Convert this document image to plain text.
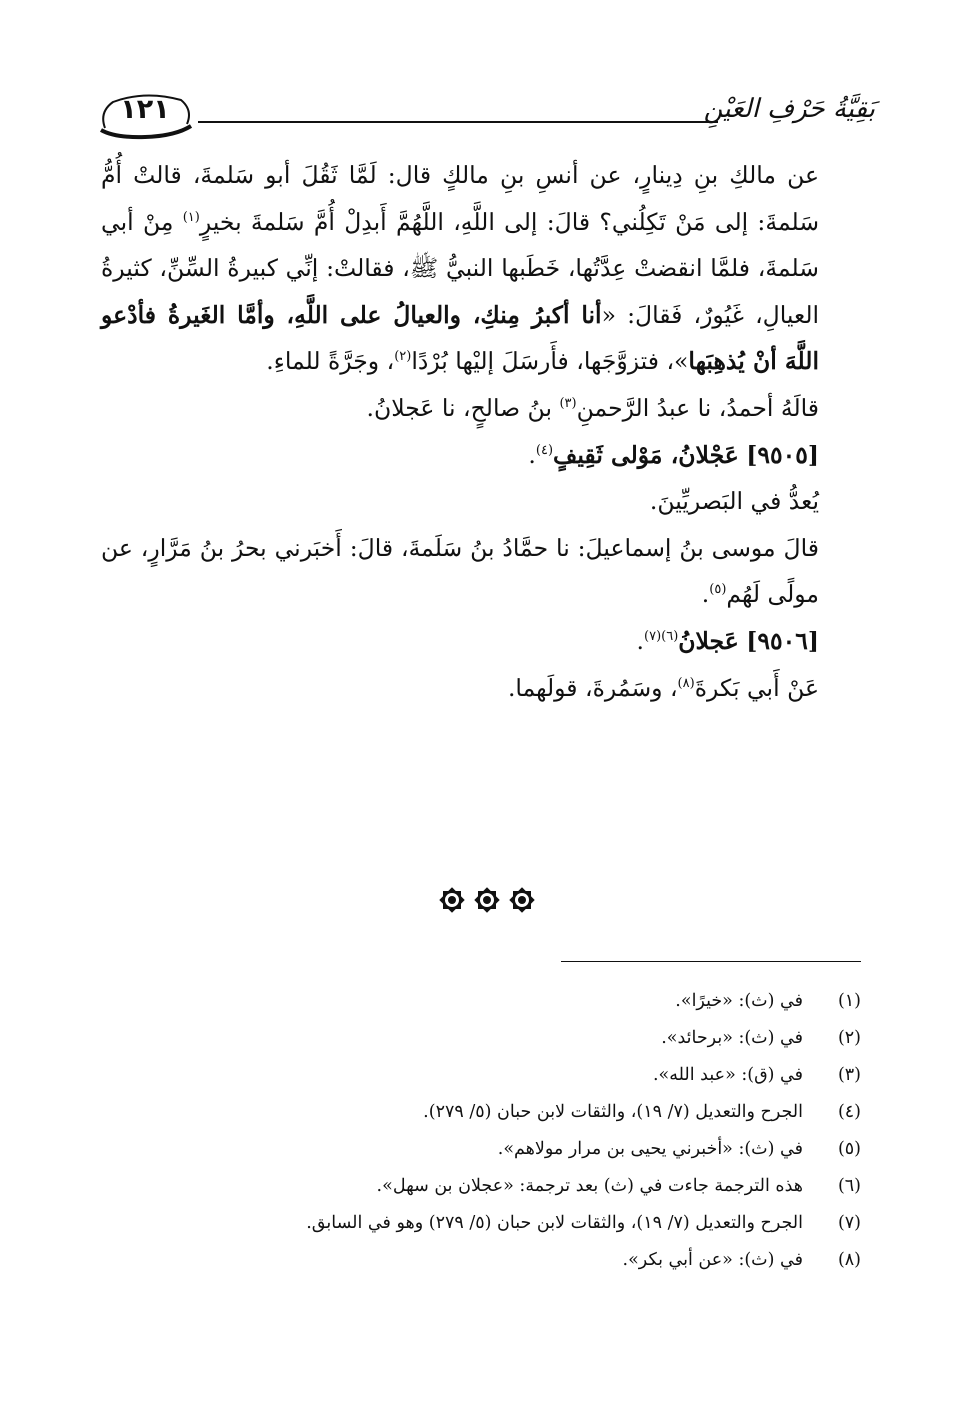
١٢١	بَقِيَّةُ حَرْفِ العَيْنِ

عن مالكِ بنِ دِينارٍ، عن أنسِ بنِ مالكٍ قال: لَمَّا ثَقُلَ أبو سَلمةَ، قالتْ أُمُّ سَلمةَ: إلى مَنْ تَكِلُني؟ قالَ: إلى اللَّهِ، اللَّهُمَّ أَبدِلْ أُمَّ سَلمةَ بخيرٍ$^{(١)}$ مِنْ أبي سَلمةَ، فلمَّا انقضتْ عِدَّتُها، خَطَبها النبيُّ ﷺ، فقالتْ: إنِّي كبيرةُ السِّنِّ، كثيرةُ العيالِ، غَيُورٌ، فَقالَ: «أنا أكبرُ مِنكِ، والعيالُ على اللَّهِ، وأمَّا الغَيرةُ فأدْعو اللَّهَ أنْ يُذهِبَها»، فتزوَّجَها، فأَرسَلَ إليْها بُرْدًا$^{(٢)}$، وجَرَّةً للماءِ.

قالَهُ أحمدُ، نا عبدُ الرَّحمنِ$^{(٣)}$ بنُ صالحٍ، نا عَجلانُ.

[٩٥٠٥] عَجْلانُ، مَوْلى ثَقِيفٍ$^{(٤)}$.

يُعدُّ في البَصريِّينَ.

قالَ موسى بنُ إسماعيلَ: نا حمَّادُ بنُ سَلَمةَ، قالَ: أَخبَرني بحرُ بنُ مَرَّارٍ، عن مولًى لَهُم$^{(٥)}$.

[٩٥٠٦] عَجلانُ$^{(٦)(٧)}$.

عَنْ أَبي بَكرةَ$^{(٨)}$، وسَمُرةَ، قولَهما.

(١)
في (ث): «خيرًا».
(٢)
في (ث): «برحائد».
(٣)
في (ق): «عبد الله».
(٤)
الجرح والتعديل (٧/ ١٩)، والثقات لابن حبان (٥/ ٢٧٩).
(٥)
في (ث): «أخبرني يحيى بن مرار مولاهم».
(٦)
هذه الترجمة جاءت في (ث) بعد ترجمة: «عجلان بن سهل».
(٧)
الجرح والتعديل (٧/ ١٩)، والثقات لابن حبان (٥/ ٢٧٩) وهو في السابق.
(٨)
في (ث): «عن أبي بكر».
